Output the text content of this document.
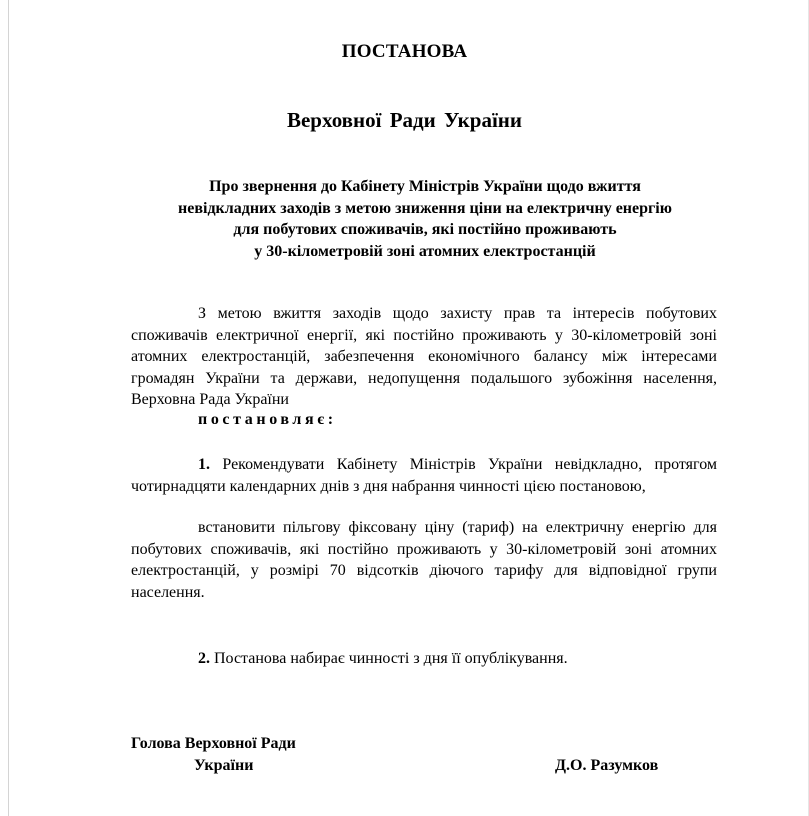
ПОСТАНОВА
Верховної Ради України
Про звернення до Кабінету Міністрів України щодо вжиття
невідкладних заходів з метою зниження ціни на електричну енергію
для побутових споживачів, які постійно проживають
у 30-кілометровій зоні атомних електростанцій
З метою вжиття заходів щодо захисту прав та інтересів побутових споживачів електричної енергії, які постійно проживають у 30-кілометровій зоні атомних електростанцій, забезпечення економічного балансу між інтересами громадян України та держави, недопущення подальшого зубожіння населення, Верховна Рада України
постановляє:
1. Рекомендувати Кабінету Міністрів України невідкладно, протягом чотирнадцяти календарних днів з дня набрання чинності цією постановою,
встановити пільгову фіксовану ціну (тариф) на електричну енергію для побутових споживачів, які постійно проживають у 30-кілометровій зоні атомних електростанцій, у розмірі 70 відсотків діючого тарифу для відповідної групи населення.
2. Постанова набирає чинності з дня її опублікування.
Голова Верховної Ради
України	Д.О. Разумков
